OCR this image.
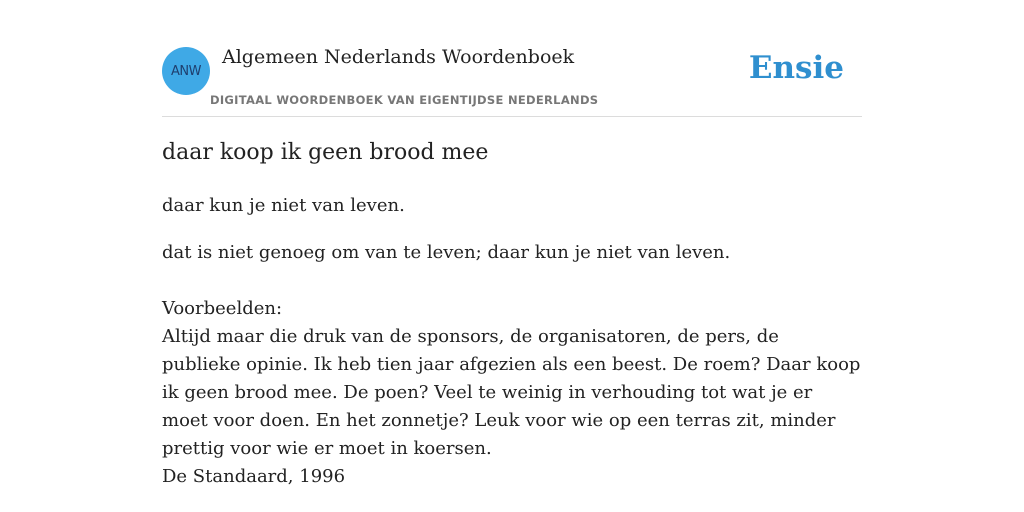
ANW
Algemeen Nederlands Woordenboek
DIGITAAL WOORDENBOEK VAN EIGENTIJDSE NEDERLANDS
Ensie
daar koop ik geen brood mee
daar kun je niet van leven.
dat is niet genoeg om van te leven; daar kun je niet van leven.

Voorbeelden:

Altijd maar die druk van de sponsors, de organisatoren, de pers, de publieke opinie. Ik heb tien jaar afgezien als een beest. De roem? Daar koop ik geen brood mee. De poen? Veel te weinig in verhouding tot wat je er moet voor doen. En het zonnetje? Leuk voor wie op een terras zit, minder prettig voor wie er moet in koersen.

De Standaard, 1996
